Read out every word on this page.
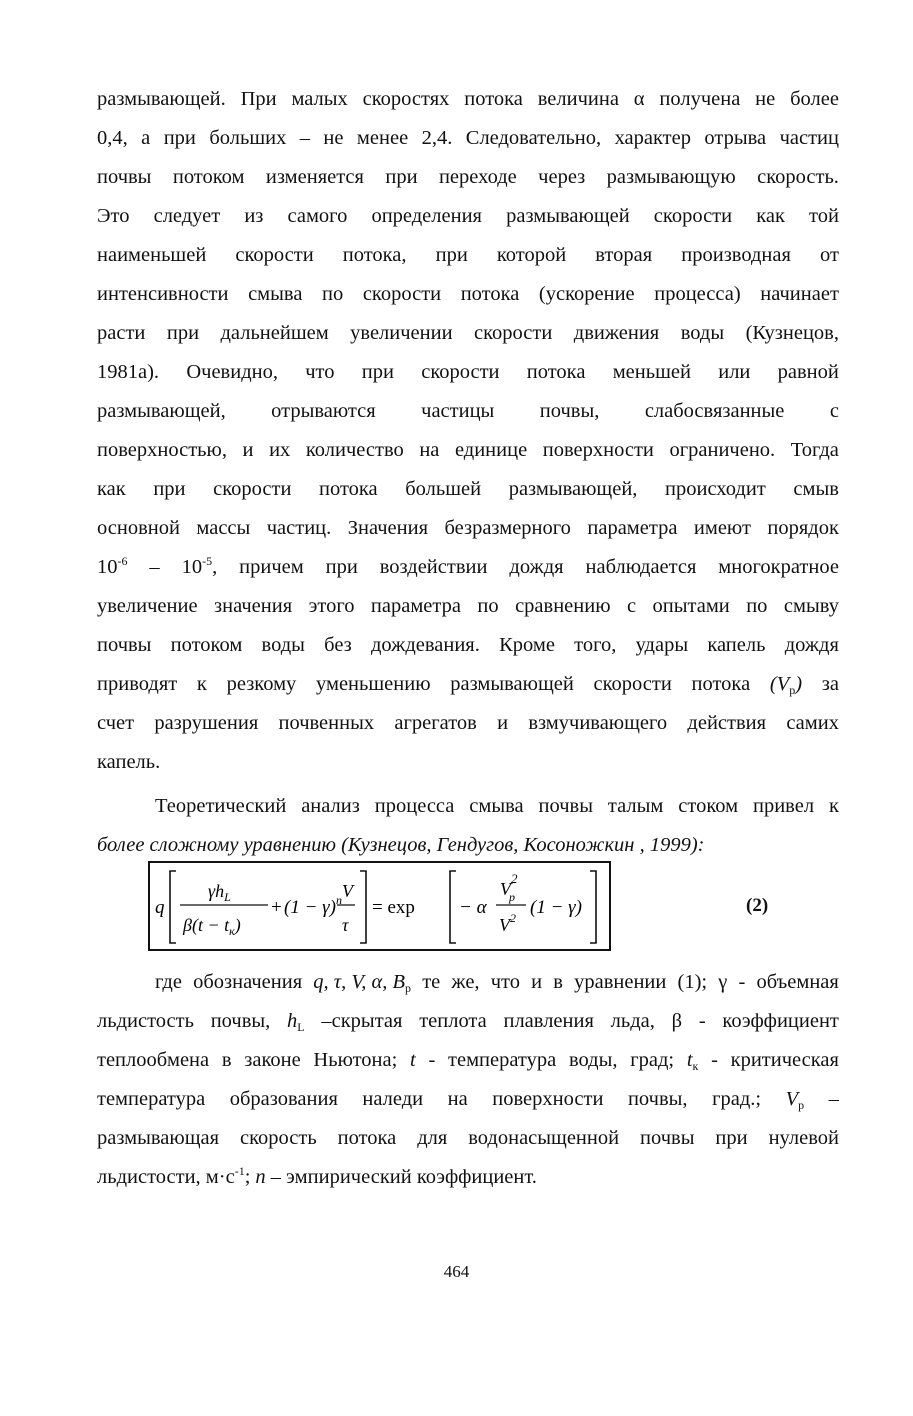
размывающей. При малых скоростях потока величина α получена не более
0,4, а при больших – не менее 2,4. Следовательно, характер отрыва частиц
почвы потоком изменяется при переходе через размывающую скорость.
Это следует из самого определения размывающей скорости как той
наименьшей скорости потока, при которой вторая производная от
интенсивности смыва по скорости потока (ускорение процесса) начинает
расти при дальнейшем увеличении скорости движения воды (Кузнецов,
1981а). Очевидно, что при скорости потока меньшей или равной
размывающей, отрываются частицы почвы, слабосвязанные с
поверхностью, и их количество на единице поверхности ограничено. Тогда
как при скорости потока большей размывающей, происходит смыв
основной массы частиц. Значения безразмерного параметра имеют порядок
$10^{-6} - 10^{-5}$, причем при воздействии дождя наблюдается многократное
увеличение значения этого параметра по сравнению с опытами по смыву
почвы потоком воды без дождевания. Кроме того, удары капель дождя
приводят к резкому уменьшению размывающей скорости потока $(V_p)$ за
счет разрушения почвенных агрегатов и взмучивающего действия самих
капель.
Теоретический анализ процесса смыва почвы талым стоком привел к
более сложному уравнению (Кузнецов, Гендугов, Косоножкин , 1999):
q
$\gamma h_L$
$\beta(t - t_к)$
+ $(1 - \gamma)^n$ V
τ
= exp − α
Vp2
$V^2$ (1 − γ)	(2)
где обозначения q, τ, V, α, $B_p$ те же, что и в уравнении (1); γ - объемная
льдистость почвы, $h_L$ –скрытая теплота плавления льда, β - коэффициент
теплообмена в законе Ньютона; t - температура воды, град; $t_к$ - критическая
температура образования наледи на поверхности почвы, град.; $V_p$ –
размывающая скорость потока для водонасыщенной почвы при нулевой
льдистости, $м\cdot с^{-1}$; n – эмпирический коэффициент.
464
